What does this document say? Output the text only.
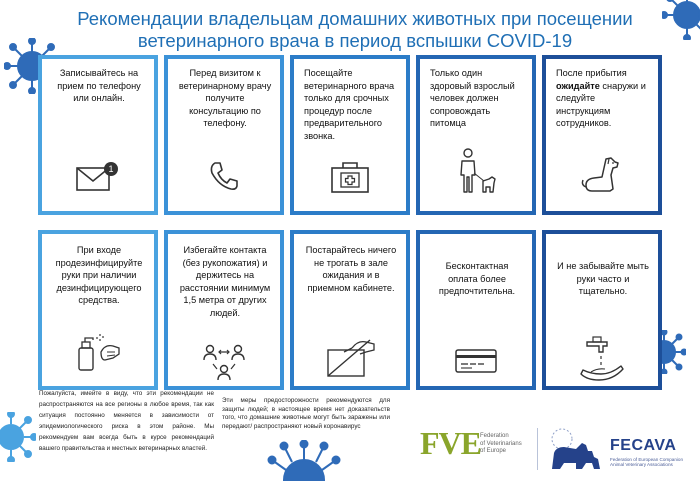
Рекомендации владельцам домашних животных при посещении
ветеринарного врача в период вспышки COVID-19
Записывайтесь на прием по телефону или онлайн.
1
Перед визитом к ветеринарному врачу получите консультацию по телефону.
Посещайте ветеринарного врача только для срочных процедур после предварительного звонка.
Только один здоровый взрослый человек должен сопровождать питомца
После прибытия ожидайте снаружи и следуйте инструкциям сотрудников.
При входе продезинфицируйте руки при наличии дезинфицирующего средства.
Избегайте контакта (без рукопожатия) и держитесь на расстоянии минимум 1,5 метра от других людей.
Постарайтесь ничего не трогать в зале ожидания и в приемном кабинете.
Бесконтактная оплата более предпочтительна.
И не забывайте мыть руки часто и тщательно.
Пожалуйста, имейте в виду, что эти рекомендации не распространяются на все регионы в любое время, так как ситуация постоянно меняется в зависимости от эпидемиологического риска в этом районе. Мы рекомендуем вам всегда быть в курсе рекомендаций вашего правительства и местных ветеринарных властей.
Эти меры предосторожности рекомендуются для защиты людей; в настоящее время нет доказательств того, что домашние животные могут быть заражены или передают/ распространяют новый коронавирус	FVE Federation
of Veterinarians
of Europe	FECAVA
Federation of European Companion Animal Veterinary Associations
